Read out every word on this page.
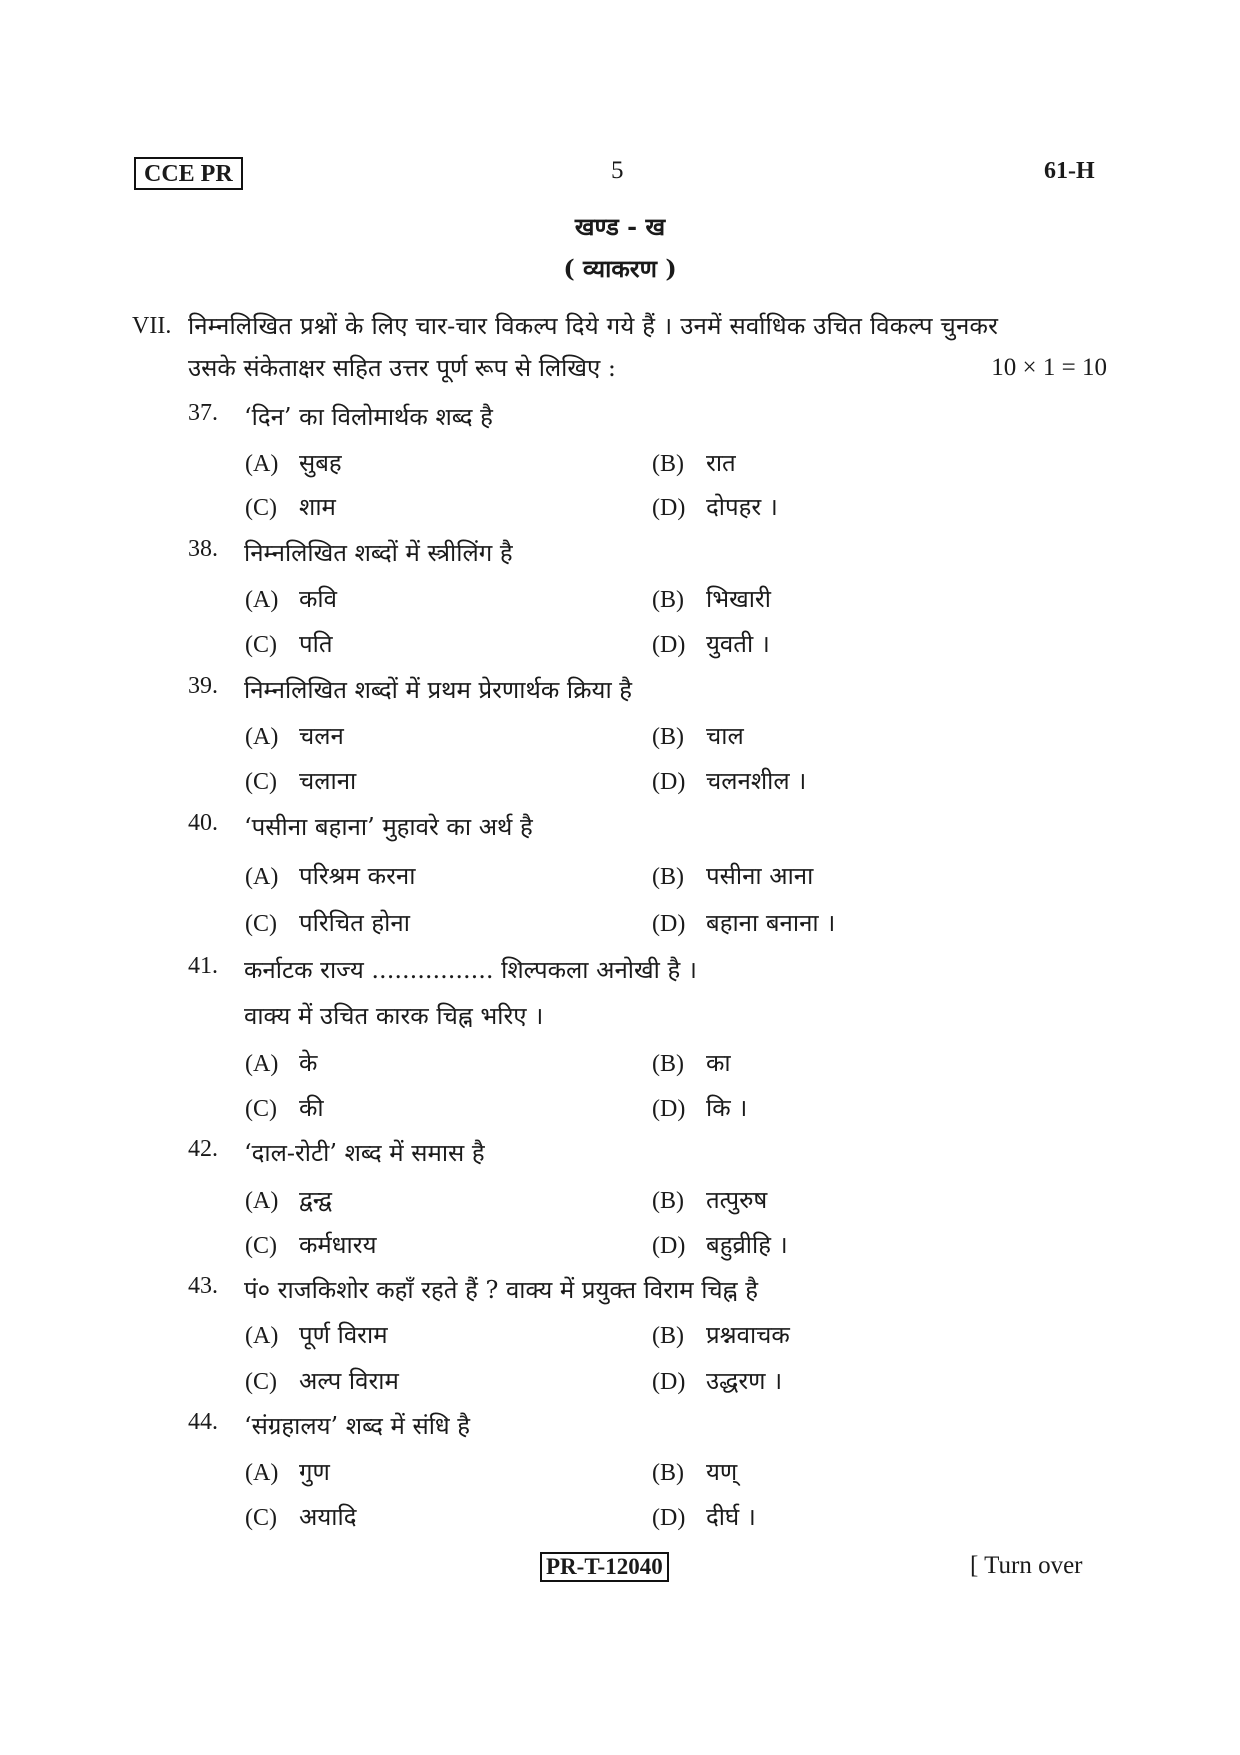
CCE PR	5	61-H
खण्ड - ख
( व्याकरण )
VII. निम्नलिखित प्रश्नों के लिए चार-चार विकल्प दिये गये हैं । उनमें सर्वाधिक उचित विकल्प चुनकर
उसके संकेताक्षर सहित उत्तर पूर्ण रूप से लिखिए :	10 × 1 = 10
37. ‘दिन’ का विलोमार्थक शब्द है
(A) सुबह	(B) रात
(C) शाम	(D) दोपहर ।
38. निम्नलिखित शब्दों में स्त्रीलिंग है
(A) कवि	(B) भिखारी
(C) पति	(D) युवती ।
39. निम्नलिखित शब्दों में प्रथम प्रेरणार्थक क्रिया है
(A) चलन	(B) चाल
(C) चलाना	(D) चलनशील ।
40. ‘पसीना बहाना’ मुहावरे का अर्थ है
(A) परिश्रम करना	(B) पसीना आना
(C) परिचित होना	(D) बहाना बनाना ।
41. कर्नाटक राज्य ................ शिल्पकला अनोखी है ।
वाक्य में उचित कारक चिह्न भरिए ।
(A) के	(B) का
(C) की	(D) कि ।
42. ‘दाल-रोटी’ शब्द में समास है
(A) द्वन्द्व	(B) तत्पुरुष
(C) कर्मधारय	(D) बहुव्रीहि ।
43. पं० राजकिशोर कहाँ रहते हैं ? वाक्य में प्रयुक्त विराम चिह्न है
(A) पूर्ण विराम	(B) प्रश्नवाचक
(C) अल्प विराम	(D) उद्धरण ।
44. ‘संग्रहालय’ शब्द में संधि है
(A) गुण	(B) यण्
(C) अयादि	(D) दीर्घ ।
PR-T-12040	[ Turn over
